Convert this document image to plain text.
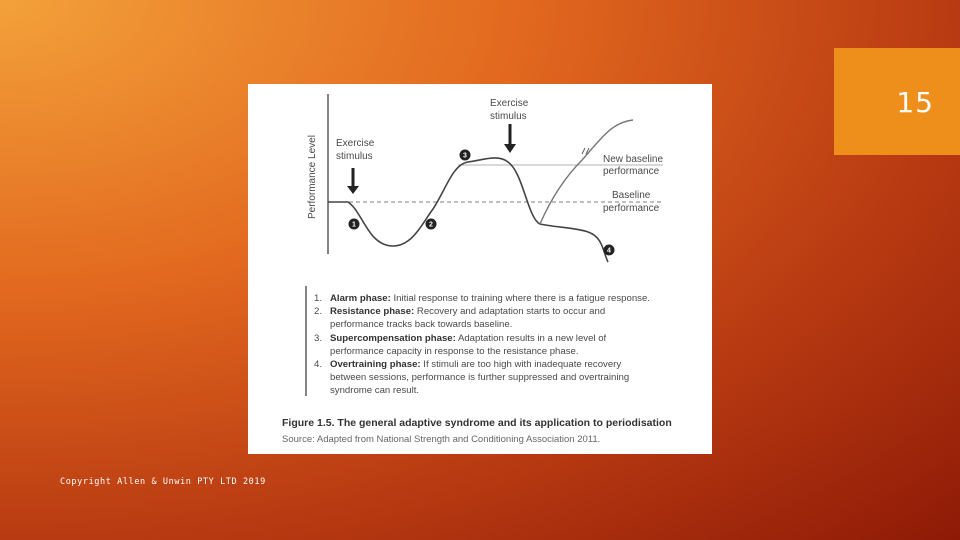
15
Performance Level Exercise
stimulus
Exercise
stimulus
New baseline
performance
Baseline
performance
1	2
3
4
1. Alarm phase: Initial response to training where there is a fatigue response.
2. Resistance phase: Recovery and adaptation starts to occur and
performance tracks back towards baseline.
3. Supercompensation phase: Adaptation results in a new level of
performance capacity in response to the resistance phase.
4. Overtraining phase: If stimuli are too high with inadequate recovery
between sessions, performance is further suppressed and overtraining
syndrome can result.
Figure 1.5. The general adaptive syndrome and its application to periodisation
Source: Adapted from National Strength and Conditioning Association 2011.
Copyright Allen & Unwin PTY LTD 2019
